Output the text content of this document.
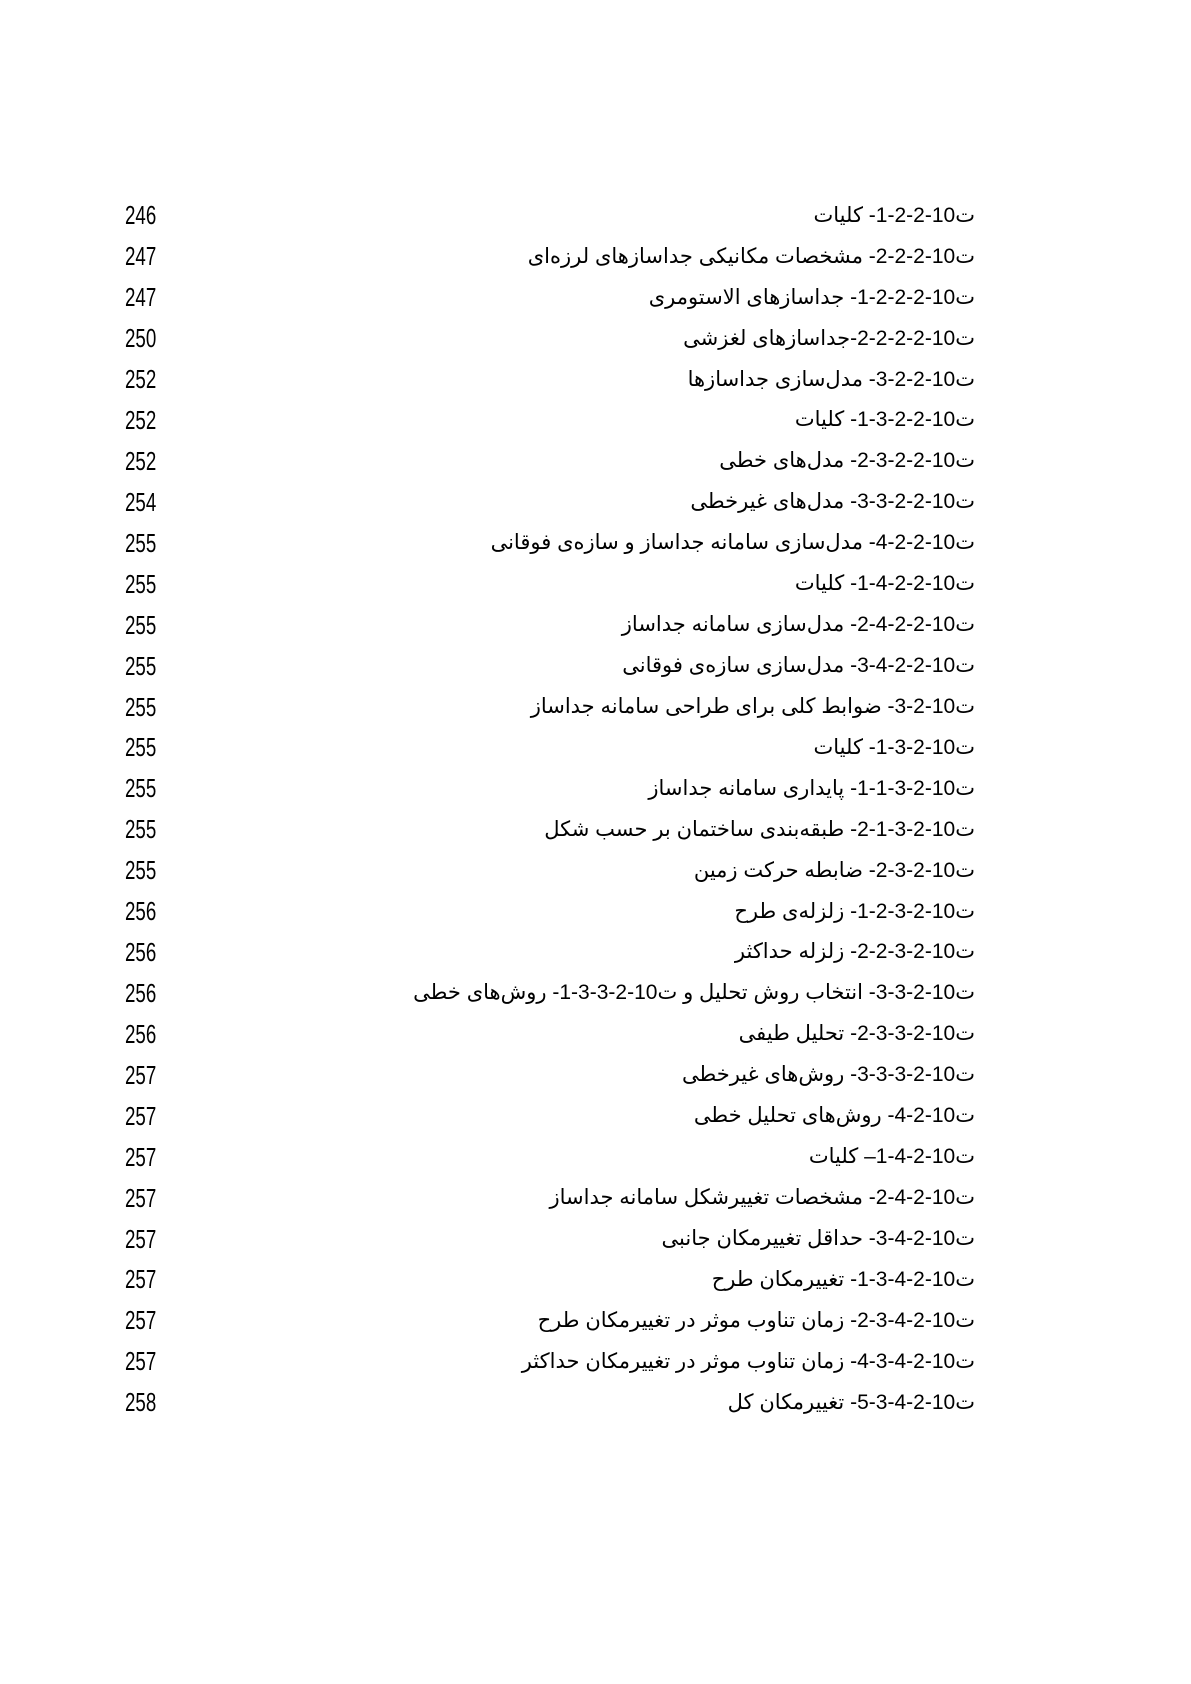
246	ت10-2-2-1- کلیات
247	ت10-2-2-2- مشخصات مکانیکی جداسازهای لرزه‌ای
247	ت10-2-2-2-1- جداسازهای الاستومری
250	ت10-2-2-2-2-جداسازهای لغزشی
252	ت10-2-2-3- مدل‌سازی جداسازها
252	ت10-2-2-3-1- کلیات
252	ت10-2-2-3-2- مدل‌های خطی
254	ت10-2-2-3-3- مدل‌های غیرخطی
255	ت10-2-2-4- مدل‌سازی سامانه جداساز و سازه‌ی فوقانی
255	ت10-2-2-4-1- کلیات
255	ت10-2-2-4-2- مدل‌سازی سامانه جداساز
255	ت10-2-2-4-3- مدل‌سازی سازه‌ی فوقانی
255	ت10-2-3- ضوابط کلی برای طراحی سامانه جداساز
255	ت10-2-3-1- کلیات
255	ت10-2-3-1-1- پایداری سامانه جداساز
255	ت10-2-3-1-2- طبقه‌بندی ساختمان بر حسب شکل
255	ت10-2-3-2- ضابطه حرکت زمین
256	ت10-2-3-2-1- زلزله‌ی طرح
256	ت10-2-3-2-2- زلزله حداکثر
256	ت10-2-3-3- انتخاب روش تحلیل و ت10-2-3-3-1- روش‌های خطی
256	ت10-2-3-3-2- تحلیل طیفی
257	ت10-2-3-3-3- روش‌های غیرخطی
257	ت10-2-4- روش‌های تحلیل خطی
257	ت10-2-4-1– کلیات
257	ت10-2-4-2- مشخصات تغییرشکل سامانه جداساز
257	ت10-2-4-3- حداقل تغییرمکان جانبی
257	ت10-2-4-3-1- تغییرمکان طرح
257	ت10-2-4-3-2- زمان تناوب موثر در تغییرمکان طرح
257	ت10-2-4-3-4- زمان تناوب موثر در تغییرمکان حداکثر
258	ت10-2-4-3-5- تغییرمکان کل
